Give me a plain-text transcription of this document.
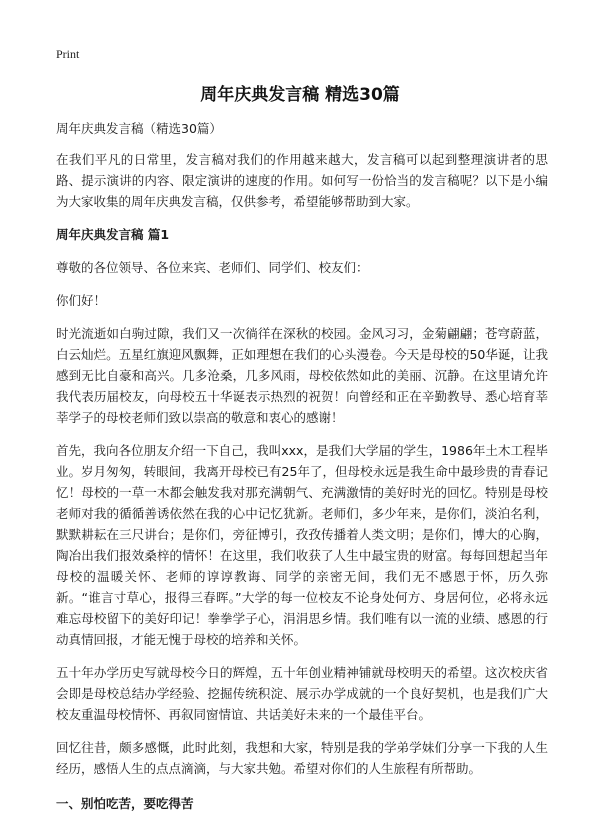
Print
周年庆典发言稿 精选30篇

周年庆典发言稿（精选30篇）

在我们平凡的日常里，发言稿对我们的作用越来越大，发言稿可以起到整理演讲者的思路、提示演讲的内容、限定演讲的速度的作用。如何写一份恰当的发言稿呢？以下是小编为大家收集的周年庆典发言稿，仅供参考，希望能够帮助到大家。

周年庆典发言稿 篇1

尊敬的各位领导、各位来宾、老师们、同学们、校友们：

你们好！

时光流逝如白驹过隙，我们又一次徜徉在深秋的校园。金风习习，金菊翩翩；苍穹蔚蓝，白云灿烂。五星红旗迎风飘舞，正如理想在我们的心头漫卷。今天是母校的50华诞，让我感到无比自豪和高兴。几多沧桑，几多风雨，母校依然如此的美丽、沉静。在这里请允许我代表历届校友，向母校五十华诞表示热烈的祝贺！向曾经和正在辛勤教导、悉心培育莘莘学子的母校老师们致以崇高的敬意和衷心的感谢！

首先，我向各位朋友介绍一下自己，我叫xxx，是我们大学届的学生，1986年土木工程毕业。岁月匆匆，转眼间，我离开母校已有25年了，但母校永远是我生命中最珍贵的青春记忆！母校的一草一木都会触发我对那充满朝气、充满激情的美好时光的回忆。特别是母校老师对我的循循善诱依然在我的心中记忆犹新。老师们，多少年来，是你们，淡泊名利，默默耕耘在三尺讲台；是你们，旁征博引，孜孜传播着人类文明；是你们，博大的心胸，陶冶出我们报效桑梓的情怀！在这里，我们收获了人生中最宝贵的财富。每每回想起当年母校的温暖关怀、老师的谆谆教诲、同学的亲密无间，我们无不感恩于怀，历久弥新。“谁言寸草心，报得三春晖。”大学的每一位校友不论身处何方、身居何位，必将永远难忘母校留下的美好印记！拳拳学子心，涓涓思乡情。我们唯有以一流的业绩、感恩的行动真情回报，才能无愧于母校的培养和关怀。

五十年办学历史写就母校今日的辉煌，五十年创业精神铺就母校明天的希望。这次校庆省会即是母校总结办学经验、挖掘传统积淀、展示办学成就的一个良好契机，也是我们广大校友重温母校情怀、再叙同窗情谊、共话美好未来的一个最佳平台。

回忆往昔，颇多感慨，此时此刻，我想和大家，特别是我的学弟学妹们分享一下我的人生经历，感悟人生的点点滴滴，与大家共勉。希望对你们的人生旅程有所帮助。

一、别怕吃苦，要吃得苦
